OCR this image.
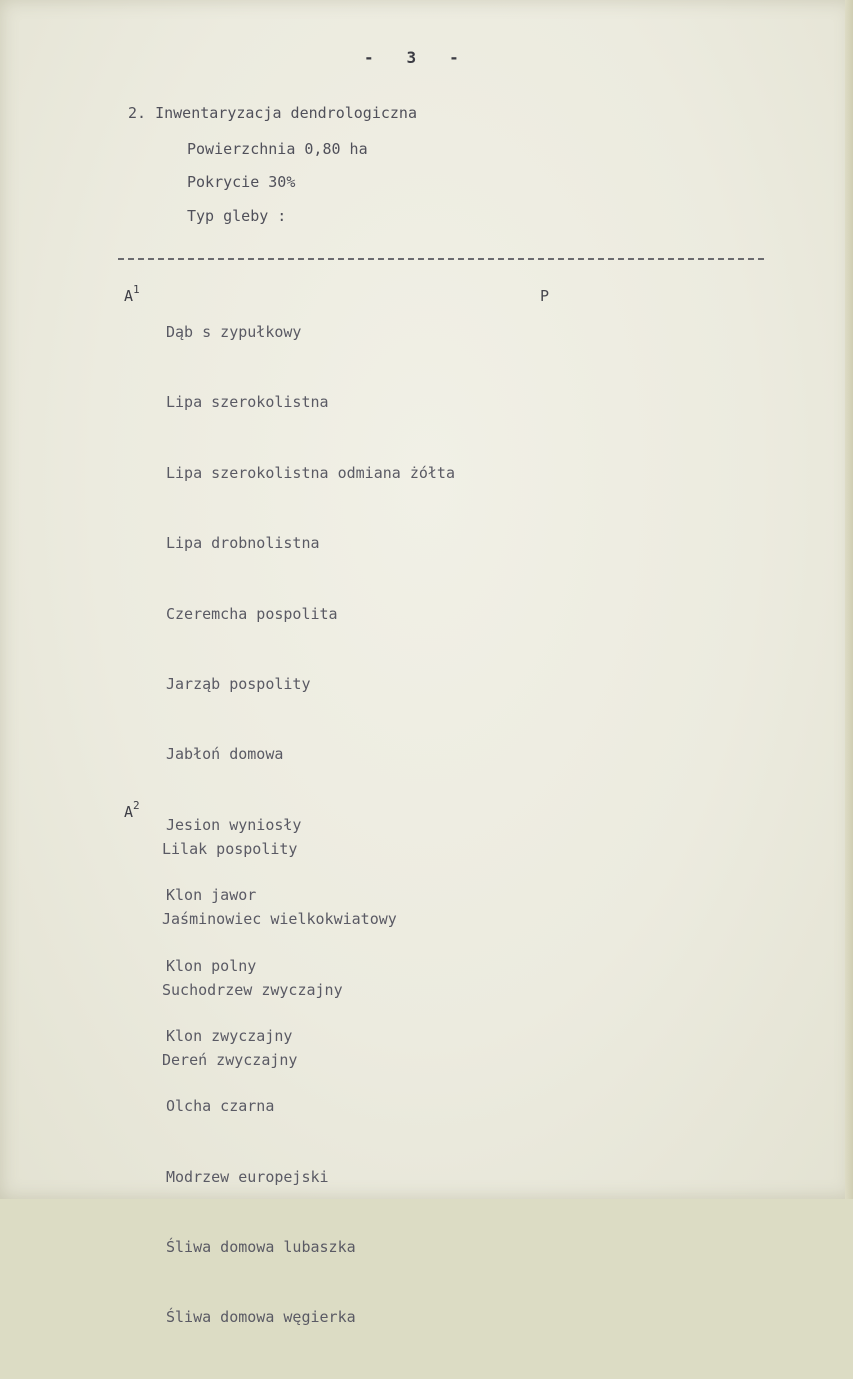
-   3   -
2. Inwentaryzacja dendrologiczna
Powierzchnia 0,80 ha
Pokrycie 30%
Typ gleby :
$A^1$	P

Dąb s zypułkowy

Lipa szerokolistna

Lipa szerokolistna odmiana żółta

Lipa drobnolistna

Czeremcha pospolita

Jarząb pospolity

Jabłoń domowa

Jesion wyniosły

Klon jawor

Klon polny

Klon zwyczajny

Olcha czarna

Modrzew europejski

Śliwa domowa lubaszka

Śliwa domowa węgierka

$A^2$

Lilak pospolity

Jaśminowiec wielkokwiatowy

Suchodrzew zwyczajny

Dereń zwyczajny
